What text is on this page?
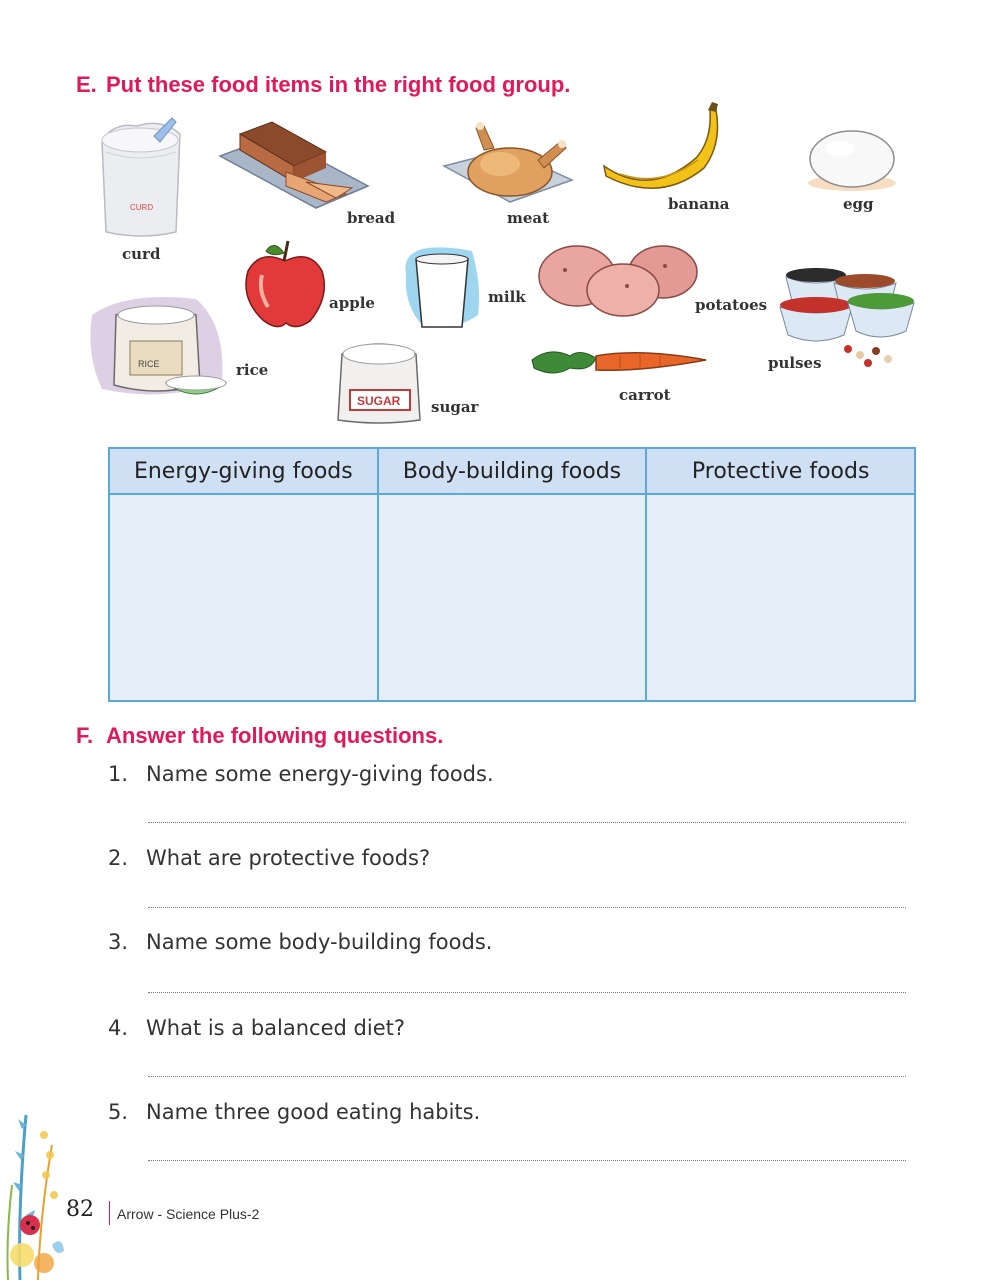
E. Put these food items in the right food group.
CURD
curd
bread	meat
banana	egg
apple	milk	potatoes
pulses
RICE	rice
SUGAR sugar
carrot
Energy-giving foods	Body-building foods	Protective foods

F. Answer the following questions.
1. Name some energy-giving foods.
2. What are protective foods?
3. Name some body-building foods.
4. What is a balanced diet?
5. Name three good eating habits.
82 Arrow - Science Plus-2
